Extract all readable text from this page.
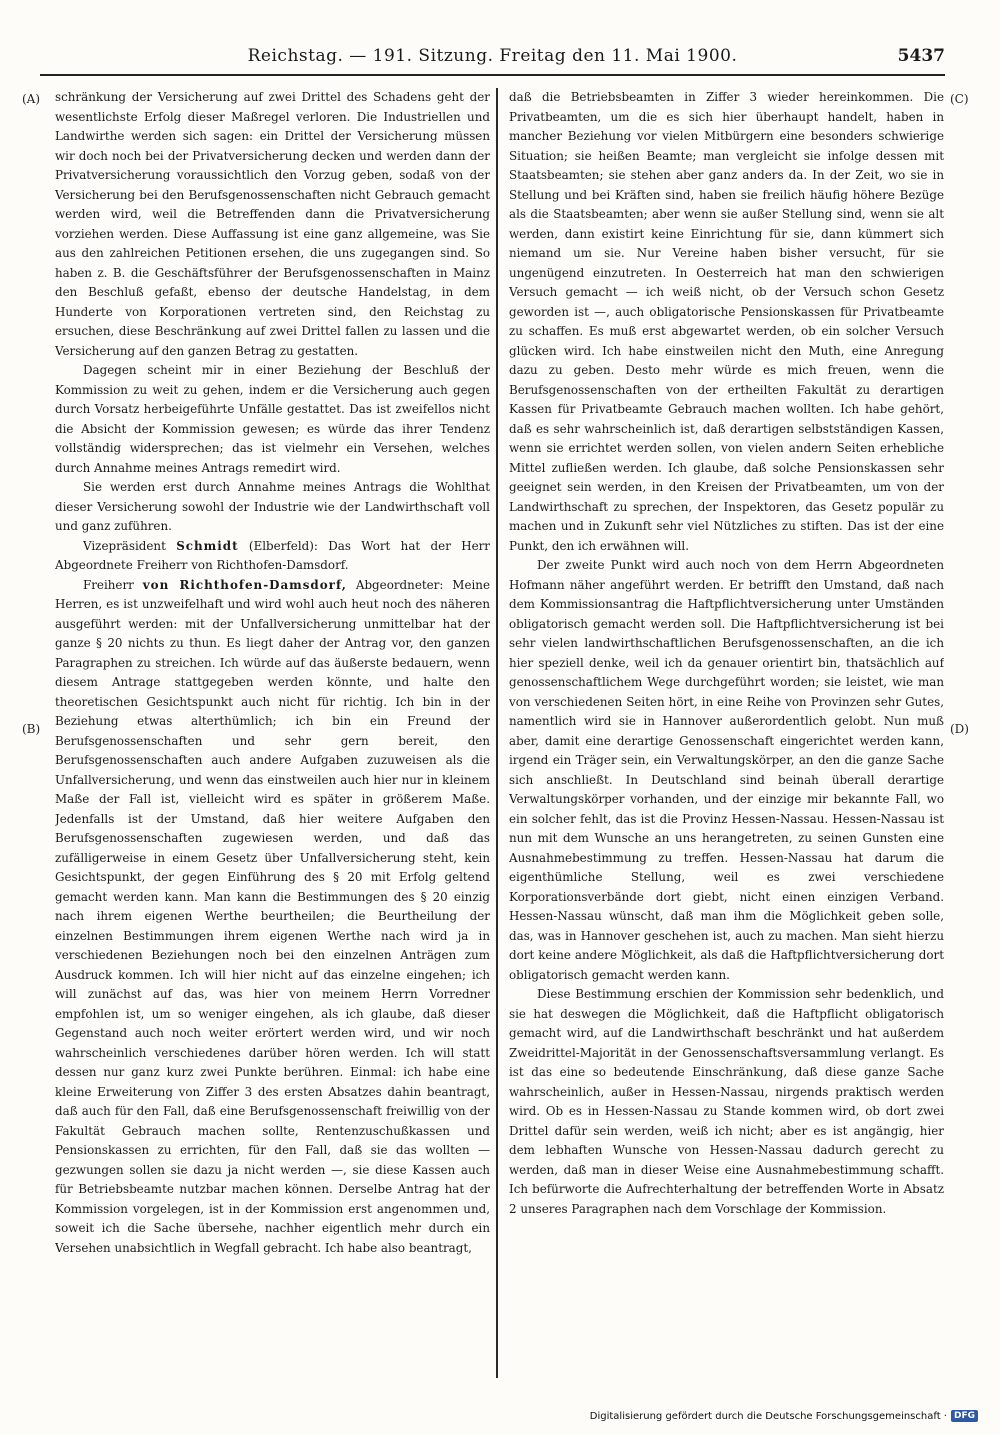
Reichstag. — 191. Sitzung. Freitag den 11. Mai 1900.	5437
(A)
(B)
(C)
(D)

schränkung der Versicherung auf zwei Drittel des Schadens geht der wesentlichste Erfolg dieser Maßregel verloren. Die Industriellen und Landwirthe werden sich sagen: ein Drittel der Versicherung müssen wir doch noch bei der Privatversicherung decken und werden dann der Privatversicherung voraussichtlich den Vorzug geben, sodaß von der Versicherung bei den Berufsgenossenschaften nicht Gebrauch gemacht werden wird, weil die Betreffenden dann die Privatversicherung vorziehen werden. Diese Auffassung ist eine ganz allgemeine, was Sie aus den zahlreichen Petitionen ersehen, die uns zugegangen sind. So haben z. B. die Geschäftsführer der Berufsgenossenschaften in Mainz den Beschluß gefaßt, ebenso der deutsche Handelstag, in dem Hunderte von Korporationen vertreten sind, den Reichstag zu ersuchen, diese Beschränkung auf zwei Drittel fallen zu lassen und die Versicherung auf den ganzen Betrag zu gestatten.

Dagegen scheint mir in einer Beziehung der Beschluß der Kommission zu weit zu gehen, indem er die Versicherung auch gegen durch Vorsatz herbeigeführte Unfälle gestattet. Das ist zweifellos nicht die Absicht der Kommission gewesen; es würde das ihrer Tendenz vollständig widersprechen; das ist vielmehr ein Versehen, welches durch Annahme meines Antrags remedirt wird.

Sie werden erst durch Annahme meines Antrags die Wohlthat dieser Versicherung sowohl der Industrie wie der Landwirthschaft voll und ganz zuführen.

Vizepräsident Schmidt (Elberfeld): Das Wort hat der Herr Abgeordnete Freiherr von Richthofen-Damsdorf.

Freiherr von Richthofen-Damsdorf, Abgeordneter: Meine Herren, es ist unzweifelhaft und wird wohl auch heut noch des näheren ausgeführt werden: mit der Unfallversicherung unmittelbar hat der ganze § 20 nichts zu thun. Es liegt daher der Antrag vor, den ganzen Paragraphen zu streichen. Ich würde auf das äußerste bedauern, wenn diesem Antrage stattgegeben werden könnte, und halte den theoretischen Gesichtspunkt auch nicht für richtig. Ich bin in der Beziehung etwas alterthümlich; ich bin ein Freund der Berufsgenossenschaften und sehr gern bereit, den Berufsgenossenschaften auch andere Aufgaben zuzuweisen als die Unfallversicherung, und wenn das einstweilen auch hier nur in kleinem Maße der Fall ist, vielleicht wird es später in größerem Maße. Jedenfalls ist der Umstand, daß hier weitere Aufgaben den Berufsgenossenschaften zugewiesen werden, und daß das zufälligerweise in einem Gesetz über Unfallversicherung steht, kein Gesichtspunkt, der gegen Einführung des § 20 mit Erfolg geltend gemacht werden kann. Man kann die Bestimmungen des § 20 einzig nach ihrem eigenen Werthe beurtheilen; die Beurtheilung der einzelnen Bestimmungen ihrem eigenen Werthe nach wird ja in verschiedenen Beziehungen noch bei den einzelnen Anträgen zum Ausdruck kommen. Ich will hier nicht auf das einzelne eingehen; ich will zunächst auf das, was hier von meinem Herrn Vorredner empfohlen ist, um so weniger eingehen, als ich glaube, daß dieser Gegenstand auch noch weiter erörtert werden wird, und wir noch wahrscheinlich verschiedenes darüber hören werden. Ich will statt dessen nur ganz kurz zwei Punkte berühren. Einmal: ich habe eine kleine Erweiterung von Ziffer 3 des ersten Absatzes dahin beantragt, daß auch für den Fall, daß eine Berufsgenossenschaft freiwillig von der Fakultät Gebrauch machen sollte, Rentenzuschußkassen und Pensionskassen zu errichten, für den Fall, daß sie das wollten — gezwungen sollen sie dazu ja nicht werden —, sie diese Kassen auch für Betriebsbeamte nutzbar machen können. Derselbe Antrag hat der Kommission vorgelegen, ist in der Kommission erst angenommen und, soweit ich die Sache übersehe, nachher eigentlich mehr durch ein Versehen unabsichtlich in Wegfall gebracht. Ich habe also beantragt,

daß die Betriebsbeamten in Ziffer 3 wieder hereinkommen. Die Privatbeamten, um die es sich hier überhaupt handelt, haben in mancher Beziehung vor vielen Mitbürgern eine besonders schwierige Situation; sie heißen Beamte; man vergleicht sie infolge dessen mit Staatsbeamten; sie stehen aber ganz anders da. In der Zeit, wo sie in Stellung und bei Kräften sind, haben sie freilich häufig höhere Bezüge als die Staatsbeamten; aber wenn sie außer Stellung sind, wenn sie alt werden, dann existirt keine Einrichtung für sie, dann kümmert sich niemand um sie. Nur Vereine haben bisher versucht, für sie ungenügend einzutreten. In Oesterreich hat man den schwierigen Versuch gemacht — ich weiß nicht, ob der Versuch schon Gesetz geworden ist —, auch obligatorische Pensionskassen für Privatbeamte zu schaffen. Es muß erst abgewartet werden, ob ein solcher Versuch glücken wird. Ich habe einstweilen nicht den Muth, eine Anregung dazu zu geben. Desto mehr würde es mich freuen, wenn die Berufsgenossenschaften von der ertheilten Fakultät zu derartigen Kassen für Privatbeamte Gebrauch machen wollten. Ich habe gehört, daß es sehr wahrscheinlich ist, daß derartigen selbstständigen Kassen, wenn sie errichtet werden sollen, von vielen andern Seiten erhebliche Mittel zufließen werden. Ich glaube, daß solche Pensionskassen sehr geeignet sein werden, in den Kreisen der Privatbeamten, um von der Landwirthschaft zu sprechen, der Inspektoren, das Gesetz populär zu machen und in Zukunft sehr viel Nützliches zu stiften. Das ist der eine Punkt, den ich erwähnen will.

Der zweite Punkt wird auch noch von dem Herrn Abgeordneten Hofmann näher angeführt werden. Er betrifft den Umstand, daß nach dem Kommissionsantrag die Haftpflichtversicherung unter Umständen obligatorisch gemacht werden soll. Die Haftpflichtversicherung ist bei sehr vielen landwirthschaftlichen Berufsgenossenschaften, an die ich hier speziell denke, weil ich da genauer orientirt bin, thatsächlich auf genossenschaftlichem Wege durchgeführt worden; sie leistet, wie man von verschiedenen Seiten hört, in eine Reihe von Provinzen sehr Gutes, namentlich wird sie in Hannover außerordentlich gelobt. Nun muß aber, damit eine derartige Genossenschaft eingerichtet werden kann, irgend ein Träger sein, ein Verwaltungskörper, an den die ganze Sache sich anschließt. In Deutschland sind beinah überall derartige Verwaltungskörper vorhanden, und der einzige mir bekannte Fall, wo ein solcher fehlt, das ist die Provinz Hessen-Nassau. Hessen-Nassau ist nun mit dem Wunsche an uns herangetreten, zu seinen Gunsten eine Ausnahmebestimmung zu treffen. Hessen-Nassau hat darum die eigenthümliche Stellung, weil es zwei verschiedene Korporationsverbände dort giebt, nicht einen einzigen Verband. Hessen-Nassau wünscht, daß man ihm die Möglichkeit geben solle, das, was in Hannover geschehen ist, auch zu machen. Man sieht hierzu dort keine andere Möglichkeit, als daß die Haftpflichtversicherung dort obligatorisch gemacht werden kann.

Diese Bestimmung erschien der Kommission sehr bedenklich, und sie hat deswegen die Möglichkeit, daß die Haftpflicht obligatorisch gemacht wird, auf die Landwirthschaft beschränkt und hat außerdem Zweidrittel-Majorität in der Genossenschaftsversammlung verlangt. Es ist das eine so bedeutende Einschränkung, daß diese ganze Sache wahrscheinlich, außer in Hessen-Nassau, nirgends praktisch werden wird. Ob es in Hessen-Nassau zu Stande kommen wird, ob dort zwei Drittel dafür sein werden, weiß ich nicht; aber es ist angängig, hier dem lebhaften Wunsche von Hessen-Nassau dadurch gerecht zu werden, daß man in dieser Weise eine Ausnahmebestimmung schafft. Ich befürworte die Aufrechterhaltung der betreffenden Worte in Absatz 2 unseres Paragraphen nach dem Vorschlage der Kommission.

Digitalisierung gefördert durch die Deutsche Forschungsgemeinschaft · DFG
